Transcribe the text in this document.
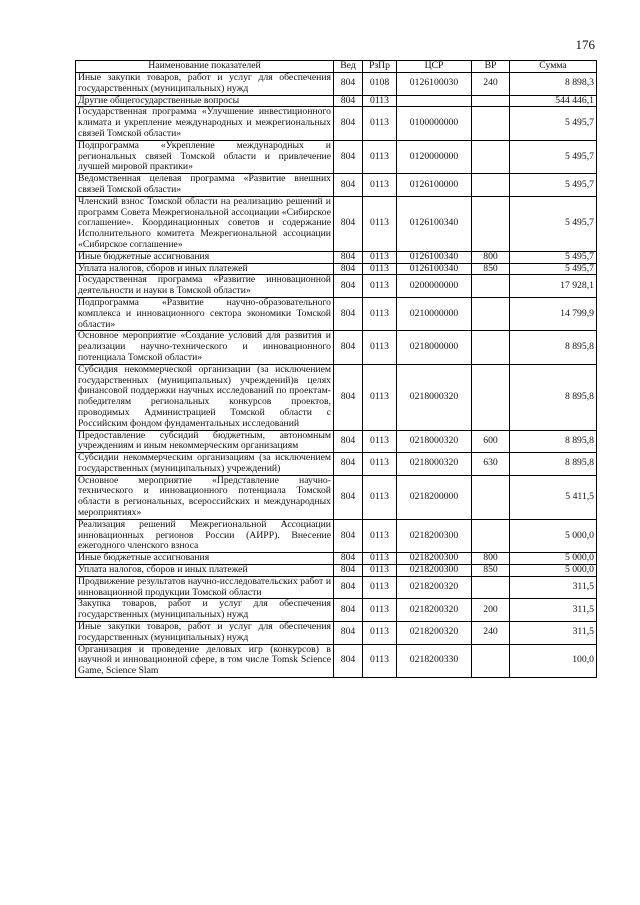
176
Наименование показателей	Вед	РзПр	ЦСР	ВР	Сумма
Иные закупки товаров, работ и услуг для обеспечения государственных (муниципальных) нужд	804	0108	0126100030	240	8 898,3
Другие общегосударственные вопросы	804	0113			544 446,1
Государственная программа «Улучшение инвестиционного климата и укрепление международных и межрегиональных связей Томской области»	804	0113	0100000000		5 495,7
Подпрограмма «Укрепление международных и региональных связей Томской области и привлечение лучшей мировой практики»	804	0113	0120000000		5 495,7
Ведомственная целевая программа «Развитие внешних связей Томской области»	804	0113	0126100000		5 495,7
Членский взнос Томской области на реализацию решений и программ Совета Межрегиональной ассоциации «Сибирское соглашение». Координационных советов и содержание Исполнительного комитета Межрегиональной ассоциации «Сибирское соглашение»	804	0113	0126100340		5 495,7
Иные бюджетные ассигнования	804	0113	0126100340	800	5 495,7
Уплата налогов, сборов и иных платежей	804	0113	0126100340	850	5 495,7
Государственная программа «Развитие инновационной деятельности и науки в Томской области»	804	0113	0200000000		17 928,1
Подпрограмма «Развитие научно-образовательного комплекса и инновационного сектора экономики Томской области»	804	0113	0210000000		14 799,9
Основное мероприятие «Создание условий для развития и реализации научно-технического и инновационного потенциала Томской области»	804	0113	0218000000		8 895,8
Субсидия некоммерческой организации (за исключением государственных (муниципальных) учреждений)в целях финансовой поддержки научных исследований по проектам-победителям региональных конкурсов проектов, проводимых Администрацией Томской области с Российским фондом фундаментальных исследований	804	0113	0218000320		8 895,8
Предоставление субсидий бюджетным, автономным учреждениям и иным некоммерческим организациям	804	0113	0218000320	600	8 895,8
Субсидии некоммерческим организациям (за исключением государственных (муниципальных) учреждений)	804	0113	0218000320	630	8 895,8
Основное мероприятие «Представление научно-технического и инновационного потенциала Томской области в региональных, всероссийских и международных мероприятиях»	804	0113	0218200000		5 411,5
Реализация решений Межрегиональной Ассоциации инновационных регионов России (АИРР). Внесение ежегодного членского взноса	804	0113	0218200300		5 000,0
Иные бюджетные ассигнования	804	0113	0218200300	800	5 000,0
Уплата налогов, сборов и иных платежей	804	0113	0218200300	850	5 000,0
Продвижение результатов научно-исследовательских работ и инновационной продукции Томской области	804	0113	0218200320		311,5
Закупка товаров, работ и услуг для обеспечения государственных (муниципальных) нужд	804	0113	0218200320	200	311,5
Иные закупки товаров, работ и услуг для обеспечения государственных (муниципальных) нужд	804	0113	0218200320	240	311,5
Организация и проведение деловых игр (конкурсов) в научной и инновационной сфере, в том числе Tomsk Science Game, Science Slam	804	0113	0218200330		100,0
